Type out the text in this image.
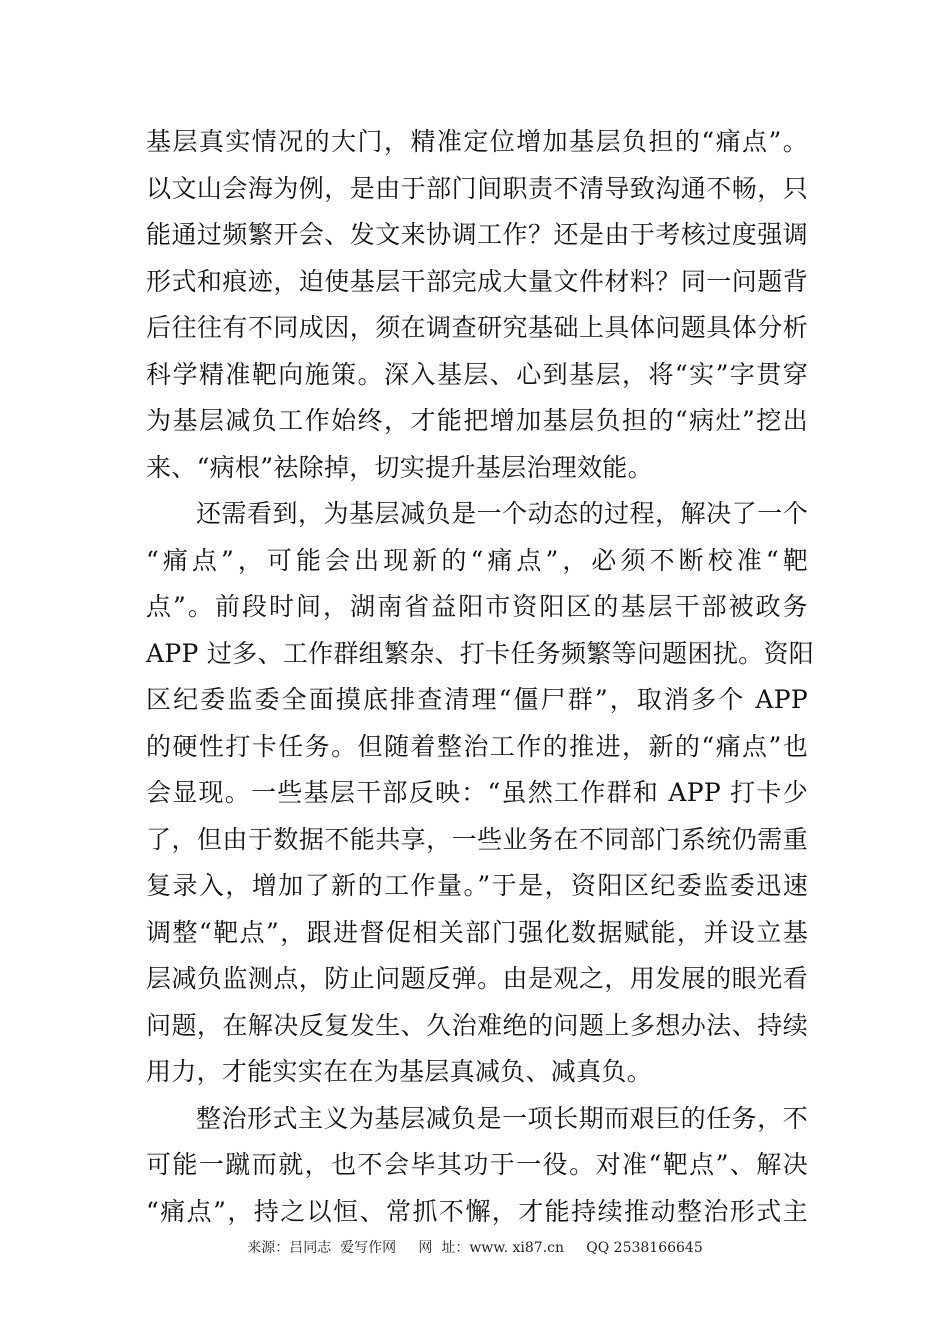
基层真实情况的大门，精准定位增加基层负担的“痛点”。
以文山会海为例，是由于部门间职责不清导致沟通不畅，只
能通过频繁开会、发文来协调工作？还是由于考核过度强调
形式和痕迹，迫使基层干部完成大量文件材料？同一问题背
后往往有不同成因，须在调查研究基础上具体问题具体分析
科学精准靶向施策。深入基层、心到基层，将“实”字贯穿
为基层减负工作始终，才能把增加基层负担的“病灶”挖出
来、“病根”祛除掉，切实提升基层治理效能。
还需看到，为基层减负是一个动态的过程，解决了一个
“痛点”，可能会出现新的“痛点”，必须不断校准“靶
点”。前段时间，湖南省益阳市资阳区的基层干部被政务
APP 过多、工作群组繁杂、打卡任务频繁等问题困扰。资阳
区纪委监委全面摸底排查清理“僵尸群”，取消多个 APP
的硬性打卡任务。但随着整治工作的推进，新的“痛点”也
会显现。一些基层干部反映：“虽然工作群和 APP 打卡少
了，但由于数据不能共享，一些业务在不同部门系统仍需重
复录入，增加了新的工作量。”于是，资阳区纪委监委迅速
调整“靶点”，跟进督促相关部门强化数据赋能，并设立基
层减负监测点，防止问题反弹。由是观之，用发展的眼光看
问题，在解决反复发生、久治难绝的问题上多想办法、持续
用力，才能实实在在为基层真减负、减真负。
整治形式主义为基层减负是一项长期而艰巨的任务，不
可能一蹴而就，也不会毕其功于一役。对准“靶点”、解决
“痛点”，持之以恒、常抓不懈，才能持续推动整治形式主
来源：吕同志  爱写作网     网  址：www. xi87.cn     QQ 2538166645
